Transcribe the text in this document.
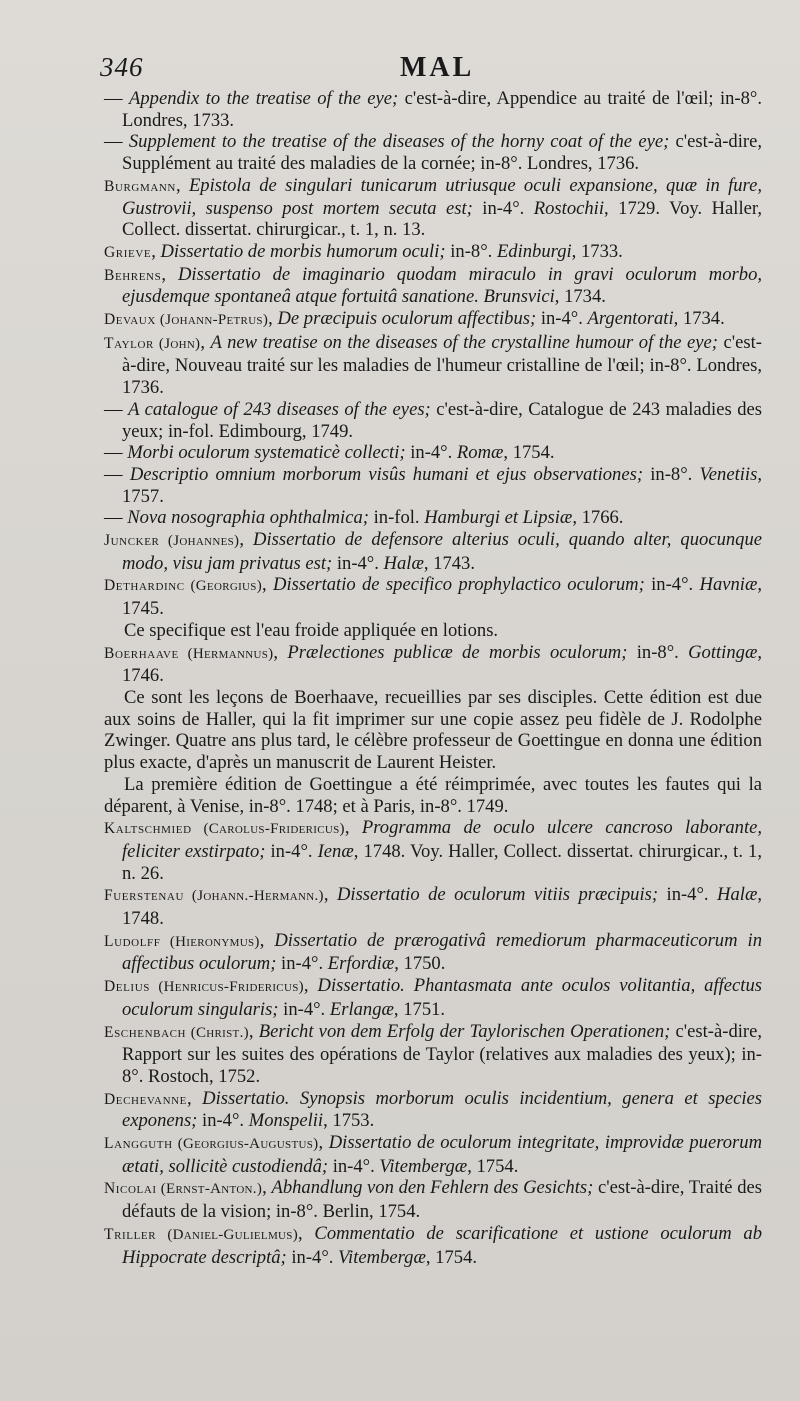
346	MAL
— Appendix to the treatise of the eye; c'est-à-dire, Appendice au traité de l'œil; in-8°. Londres, 1733.
— Supplement to the treatise of the diseases of the horny coat of the eye; c'est-à-dire, Supplément au traité des maladies de la cornée; in-8°. Londres, 1736.
Burgmann, Epistola de singulari tunicarum utriusque oculi expansione, quæ in fure, Gustrovii, suspenso post mortem secuta est; in-4°. Rostochii, 1729. Voy. Haller, Collect. dissertat. chirurgicar., t. 1, n. 13.
Grieve, Dissertatio de morbis humorum oculi; in-8°. Edinburgi, 1733.
Behrens, Dissertatio de imaginario quodam miraculo in gravi oculorum morbo, ejusdemque spontaneâ atque fortuitâ sanatione. Brunsvici, 1734.
Devaux (Johann-Petrus), De præcipuis oculorum affectibus; in-4°. Argentorati, 1734.
Taylor (John), A new treatise on the diseases of the crystalline humour of the eye; c'est-à-dire, Nouveau traité sur les maladies de l'humeur cristalline de l'œil; in-8°. Londres, 1736.
— A catalogue of 243 diseases of the eyes; c'est-à-dire, Catalogue de 243 maladies des yeux; in-fol. Edimbourg, 1749.
— Morbi oculorum systematicè collecti; in-4°. Romæ, 1754.
— Descriptio omnium morborum visûs humani et ejus observationes; in-8°. Venetiis, 1757.
— Nova nosographia ophthalmica; in-fol. Hamburgi et Lipsiæ, 1766.
Juncker (Johannes), Dissertatio de defensore alterius oculi, quando alter, quocunque modo, visu jam privatus est; in-4°. Halæ, 1743.
Dethardinc (Georgius), Dissertatio de specifico prophylactico oculorum; in-4°. Havniæ, 1745.
Ce specifique est l'eau froide appliquée en lotions.
Boerhaave (Hermannus), Prælectiones publicæ de morbis oculorum; in-8°. Gottingæ, 1746.
Ce sont les leçons de Boerhaave, recueillies par ses disciples. Cette édition est due aux soins de Haller, qui la fit imprimer sur une copie assez peu fidèle de J. Rodolphe Zwinger. Quatre ans plus tard, le célèbre professeur de Goettingue en donna une édition plus exacte, d'après un manuscrit de Laurent Heister.
La première édition de Goettingue a été réimprimée, avec toutes les fautes qui la déparent, à Venise, in-8°. 1748; et à Paris, in-8°. 1749.
Kaltschmied (Carolus-Fridericus), Programma de oculo ulcere cancroso laborante, feliciter exstirpato; in-4°. Ienæ, 1748. Voy. Haller, Collect. dissertat. chirurgicar., t. 1, n. 26.
Fuerstenau (Johann.-Hermann.), Dissertatio de oculorum vitiis præcipuis; in-4°. Halæ, 1748.
Ludolff (Hieronymus), Dissertatio de prærogativâ remediorum pharmaceuticorum in affectibus oculorum; in-4°. Erfordiæ, 1750.
Delius (Henricus-Fridericus), Dissertatio. Phantasmata ante oculos volitantia, affectus oculorum singularis; in-4°. Erlangæ, 1751.
Eschenbach (Christ.), Bericht von dem Erfolg der Taylorischen Operationen; c'est-à-dire, Rapport sur les suites des opérations de Taylor (relatives aux maladies des yeux); in-8°. Rostoch, 1752.
Dechevanne, Dissertatio. Synopsis morborum oculis incidentium, genera et species exponens; in-4°. Monspelii, 1753.
Langguth (Georgius-Augustus), Dissertatio de oculorum integritate, improvidæ puerorum ætati, sollicitè custodiendâ; in-4°. Vitembergæ, 1754.
Nicolai (Ernst-Anton.), Abhandlung von den Fehlern des Gesichts; c'est-à-dire, Traité des défauts de la vision; in-8°. Berlin, 1754.
Triller (Daniel-Gulielmus), Commentatio de scarificatione et ustione oculorum ab Hippocrate descriptâ; in-4°. Vitembergæ, 1754.
